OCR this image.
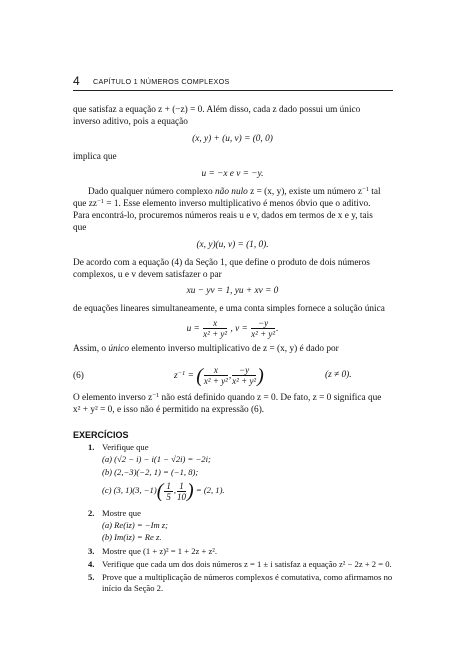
4 CAPÍTULO 1 NÚMEROS COMPLEXOS
que satisfaz a equação z + (−z) = 0. Além disso, cada z dado possui um único
inverso aditivo, pois a equação
(x, y) + (u, v) = (0, 0)
implica que
u = −x e v = −y.
Dado qualquer número complexo não nulo z = (x, y), existe um número $z^{-1}$ tal
que $zz^{-1} = 1$. Esse elemento inverso multiplicativo é menos óbvio que o aditivo.
Para encontrá-lo, procuremos números reais u e v, dados em termos de x e y, tais
que
(x, y)(u, v) = (1, 0).
De acordo com a equação (4) da Seção 1, que define o produto de dois números
complexos, u e v devem satisfazer o par
xu − yv = 1, yu + xv = 0
de equações lineares simultaneamente, e uma conta simples fornece a solução única
$u = \frac{x}{\text{x² + y²}}$ , $v = \frac{-y}{\text{x² + y²}}$ .
Assim, o único elemento inverso multiplicativo de z = (x, y) é dado por
(6)	$z^{-1}$ = ( $\frac{x}{\text{x² + y²}}$ , $\frac{-y}{\text{x² + y²}}$ )	(z ≠ 0).
O elemento inverso $z^{-1}$ não está definido quando z = 0. De fato, z = 0 significa que
x² + y² = 0, e isso não é permitido na expressão (6).
EXERCÍCIOS
1. Verifique que
(a) (√2 − i) − i(1 − √2i) = −2i;
(b) (2,−3)(−2, 1) = (−1, 8);
(c) (3, 1)(3, $-1)( \frac{1}{5}$ , $\frac{1}{10}$ ) = (2, 1).
2. Mostre que
(a) Re(iz) = −Im z;
(b) Im(iz) = Re z.
3. Mostre que (1 + z)² = 1 + 2z + z².
4. Verifique que cada um dos dois números z = 1 ± i satisfaz a equação z² − 2z + 2 = 0.
5. Prove que a multiplicação de números complexos é comutativa, como afirmamos no
início da Seção 2.
